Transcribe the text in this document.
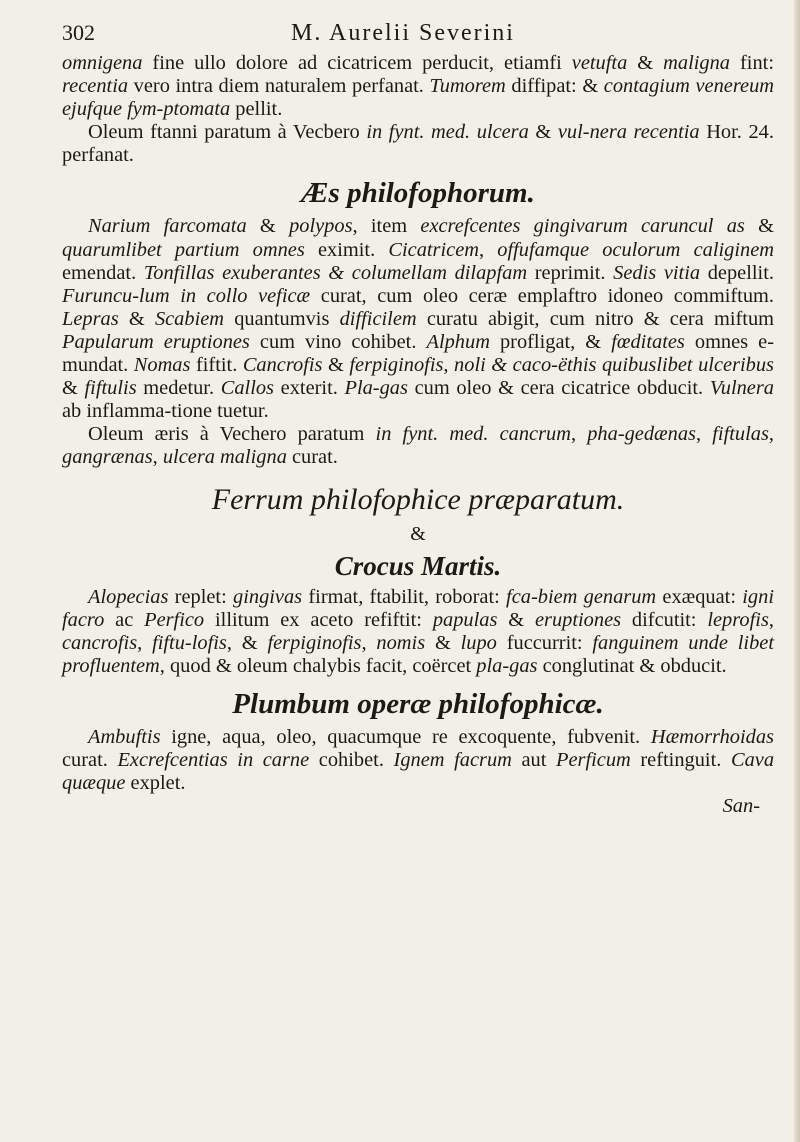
302	M. Aurelii Severini

omnigena fine ullo dolore ad cicatricem perducit, etiamfi vetufta & maligna fint: recentia vero intra diem naturalem perfanat. Tumorem diffipat: & contagium venereum ejufque fym-ptomata pellit.

Oleum ftanni paratum à Vecbero in fynt. med. ulcera & vul-nera recentia Hor. 24. perfanat.

Æs philofophorum.

Narium farcomata & polypos, item excrefcentes gingivarum caruncul as & quarumlibet partium omnes eximit. Cicatricem, offufamque oculorum caliginem emendat. Tonfillas exuberantes & columellam dilapfam reprimit. Sedis vitia depellit. Furuncu-lum in collo veficæ curat, cum oleo ceræ emplaftro idoneo commiftum. Lepras & Scabiem quantumvis difficilem curatu abigit, cum nitro & cera miftum Papularum eruptiones cum vino cohibet. Alphum profligat, & fœditates omnes e-mundat. Nomas fiftit. Cancrofis & ferpiginofis, noli & caco-ëthis quibuslibet ulceribus & fiftulis medetur. Callos exterit. Pla-gas cum oleo & cera cicatrice obducit. Vulnera ab inflamma-tione tuetur.

Oleum æris à Vechero paratum in fynt. med. cancrum, pha-gedænas, fiftulas, gangrænas, ulcera maligna curat.

Ferrum philofophice præparatum.
&
Crocus Martis.

Alopecias replet: gingivas firmat, ftabilit, roborat: fca-biem genarum exæquat: igni facro ac Perfico illitum ex aceto refiftit: papulas & eruptiones difcutit: leprofis, cancrofis, fiftu-lofis, & ferpiginofis, nomis & lupo fuccurrit: fanguinem unde libet profluentem, quod & oleum chalybis facit, coërcet pla-gas conglutinat & obducit.

Plumbum operæ philofophicæ.

Ambuftis igne, aqua, oleo, quacumque re excoquente, fubvenit. Hæmorrhoidas curat. Excrefcentias in carne cohibet. Ignem facrum aut Perficum reftinguit. Cava quæque explet.

San-
